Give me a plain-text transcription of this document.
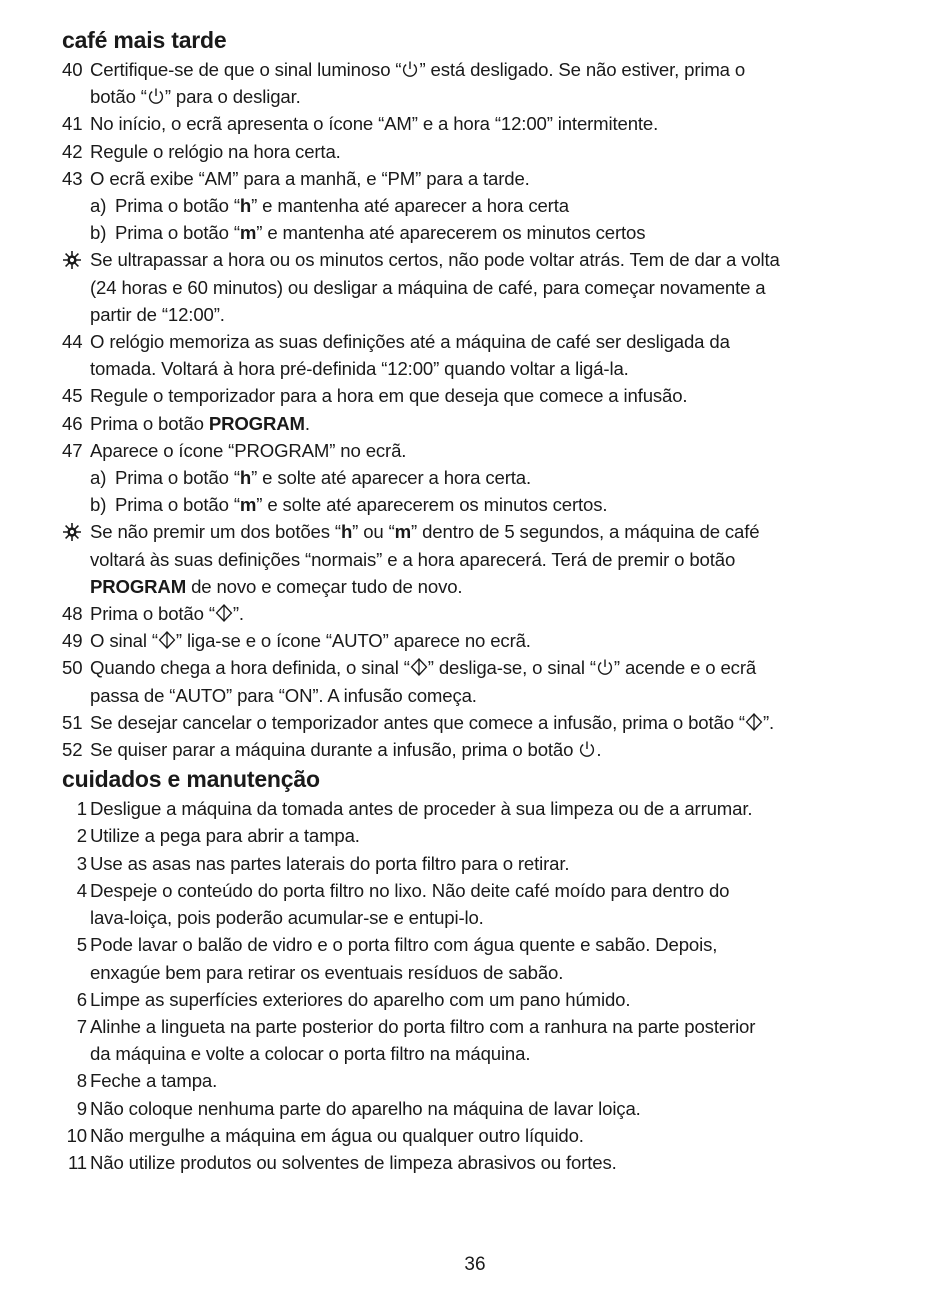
café mais tarde
40 Certifique-se de que o sinal luminoso “ ” está desligado. Se não estiver, prima o
botão “ ” para o desligar.
41 No início, o ecrã apresenta o ícone “AM” e a hora “12:00” intermitente.
42 Regule o relógio na hora certa.
43 O ecrã exibe “AM” para a manhã, e “PM” para a tarde.
a) Prima o botão “h” e mantenha até aparecer a hora certa
b) Prima o botão “m” e mantenha até aparecerem os minutos certos
Se ultrapassar a hora ou os minutos certos, não pode voltar atrás. Tem de dar a volta
(24 horas e 60 minutos) ou desligar a máquina de café, para começar novamente a
partir de “12:00”.
44 O relógio memoriza as suas definições até a máquina de café ser desligada da
tomada. Voltará à hora pré-definida “12:00” quando voltar a ligá-la.
45 Regule o temporizador para a hora em que deseja que comece a infusão.
46 Prima o botão PROGRAM.
47 Aparece o ícone “PROGRAM” no ecrã.
a) Prima o botão “h” e solte até aparecer a hora certa.
b) Prima o botão “m” e solte até aparecerem os minutos certos.
Se não premir um dos botões “h” ou “m” dentro de 5 segundos, a máquina de café
voltará às suas definições “normais” e a hora aparecerá. Terá de premir o botão
PROGRAM de novo e começar tudo de novo.
48 Prima o botão “ ”.
49 O sinal “ ” liga-se e o ícone “AUTO” aparece no ecrã.
50 Quando chega a hora definida, o sinal “ ” desliga-se, o sinal “ ” acende e o ecrã
passa de “AUTO” para “ON”. A infusão começa.
51 Se desejar cancelar o temporizador antes que comece a infusão, prima o botão “ ”.
52 Se quiser parar a máquina durante a infusão, prima o botão .
cuidados e manutenção
1 Desligue a máquina da tomada antes de proceder à sua limpeza ou de a arrumar.
2 Utilize a pega para abrir a tampa.
3 Use as asas nas partes laterais do porta filtro para o retirar.
4 Despeje o conteúdo do porta filtro no lixo. Não deite café moído para dentro do
lava-loiça, pois poderão acumular-se e entupi-lo.
5 Pode lavar o balão de vidro e o porta filtro com água quente e sabão. Depois,
enxagúe bem para retirar os eventuais resíduos de sabão.
6 Limpe as superfícies exteriores do aparelho com um pano húmido.
7 Alinhe a lingueta na parte posterior do porta filtro com a ranhura na parte posterior
da máquina e volte a colocar o porta filtro na máquina.
8 Feche a tampa.
9 Não coloque nenhuma parte do aparelho na máquina de lavar loiça.
10 Não mergulhe a máquina em água ou qualquer outro líquido.
11 Não utilize produtos ou solventes de limpeza abrasivos ou fortes.
36
